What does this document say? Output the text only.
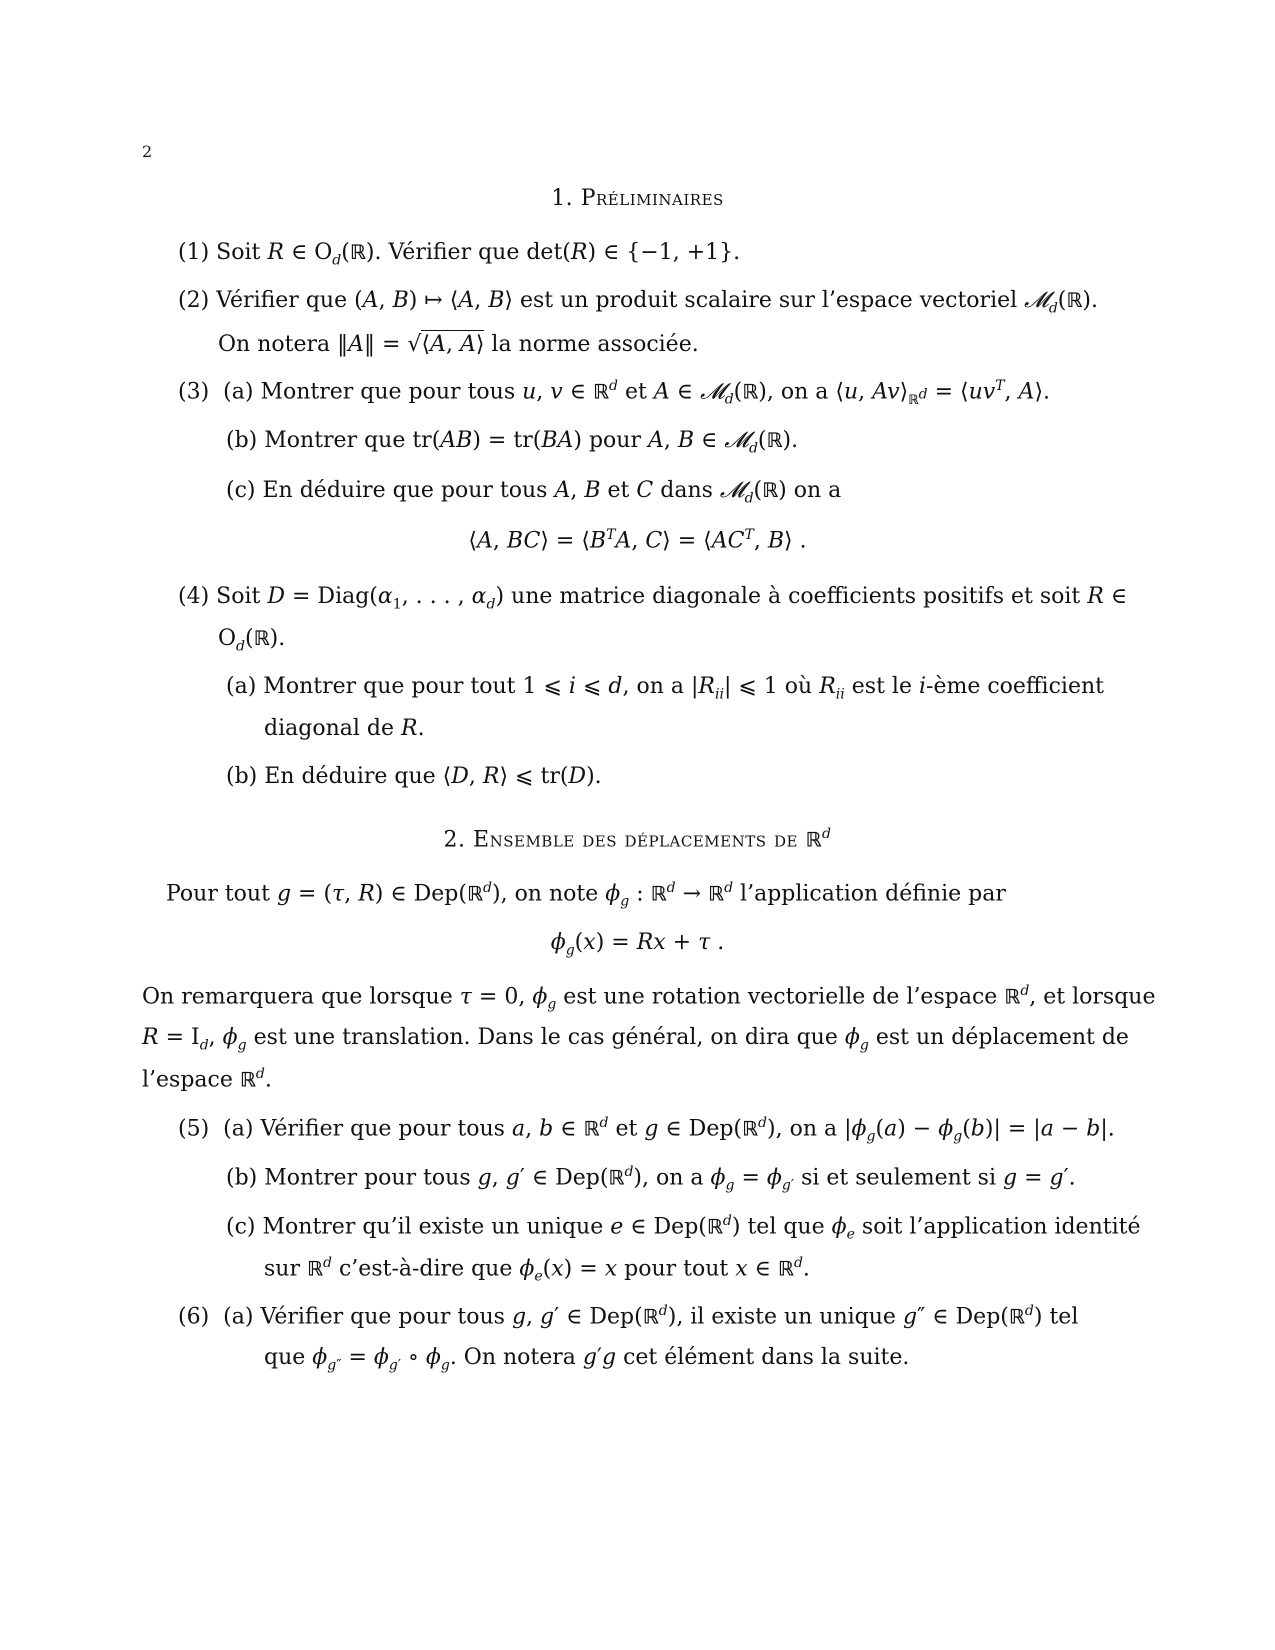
2
1. Préliminaires
(1) Soit R ∈ $O_d(ℝ)$. Vérifier que det(R) ∈ {−1, +1}.
(2) Vérifier que (A, B) ↦ ⟨A, B⟩ est un produit scalaire sur l’espace vectoriel 𝓜$_d$(ℝ).
On notera ‖A‖ = √⟨A, A⟩ la norme associée.
(3) (a) Montrer que pour tous u, v ∈ ℝ$^d$ et A ∈ 𝓜$_d$(ℝ), on a ⟨u, $Av⟩_{ℝ^d}$ = $⟨uv^T$, A⟩.
(b) Montrer que tr(AB) = tr(BA) pour A, B ∈ 𝓜$_d$(ℝ).
(c) En déduire que pour tous A, B et C dans 𝓜$_d$(ℝ) on a
⟨A, BC⟩ = $⟨B^TA$, C⟩ = $⟨AC^T$, B⟩ .
(4) Soit $D = Diag(\alpha_1$, . . . , $\alpha_d$) une matrice diagonale à coefficients positifs et soit R ∈
$O_d(ℝ)$.
(a) Montrer que pour tout 1 ⩽ i ⩽ d, on a $|R_{ii}|$ ⩽ 1 où $R_{ii}$ est le i-ème coefficient
diagonal de R.
(b) En déduire que ⟨D, R⟩ ⩽ tr(D).
2. Ensemble des déplacements de ℝ$^d$
Pour tout g = (τ, R) ∈ Dep(ℝ$^d$), on note $\phi_g$ : ℝ$^d$ → ℝ$^d$ l’application définie par
$\phi_g(x) = Rx + \tau$ .
On remarquera que lorsque τ = 0, $\phi_g$ est une rotation vectorielle de l’espace ℝ$^d$, et lorsque
$R = I_d$, $\phi_g$ est une translation. Dans le cas général, on dira que $\phi_g$ est un déplacement de
l’espace ℝ$^d$.
(5) (a) Vérifier que pour tous a, b ∈ ℝ$^d$ et g ∈ Dep(ℝ$^d$), on a $|\phi_g(a) - \phi_g(b)| = |a - b|$.
(b) Montrer pour tous g, g′ ∈ Dep(ℝ$^d$), on a $\phi_g = \phi_{g'}$ si et seulement si g = g′.
(c) Montrer qu’il existe un unique e ∈ Dep(ℝ$^d$) tel que $\phi_e$ soit l’application identité
sur ℝ$^d$ c’est-à-dire que $\phi_e(x) = x$ pour tout x ∈ ℝ$^d$.
(6) (a) Vérifier que pour tous g, g′ ∈ Dep(ℝ$^d$), il existe un unique g″ ∈ Dep(ℝ$^d$) tel
que $\phi_{g''} = \phi_{g'}$ ∘ $\phi_g$. On notera g′g cet élément dans la suite.
